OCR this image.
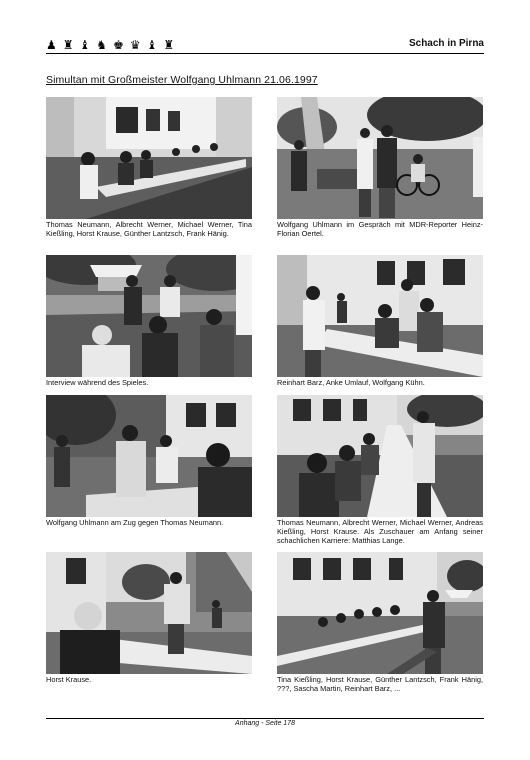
♟ ♜ ♝ ♞ ♚ ♛ ♝ ♜	Schach in Pirna
Simultan mit Großmeister Wolfgang Uhlmann 21.06.1997
Thomas Neumann, Albrecht Werner, Michael Werner, Tina Kießling, Horst Krause, Günther Lantzsch, Frank Hänig.
Wolfgang Uhlmann im Gespräch mit MDR-Reporter Heinz-Florian Oertel.
Interview während des Spieles.	Reinhart Barz, Anke Umlauf, Wolfgang Kühn.
Wolfgang Uhlmann am Zug gegen Thomas Neumann.	Thomas Neumann, Albrecht Werner, Michael Werner, Andreas Kießling, Horst Krause. Als Zuschauer am Anfang seiner schachlichen Karriere: Matthias Lange.
Horst Krause.	Tina Kießling, Horst Krause, Günther Lantzsch, Frank Hänig, ???, Sascha Martin, Reinhart Barz, ...
Anhang - Seite 178
